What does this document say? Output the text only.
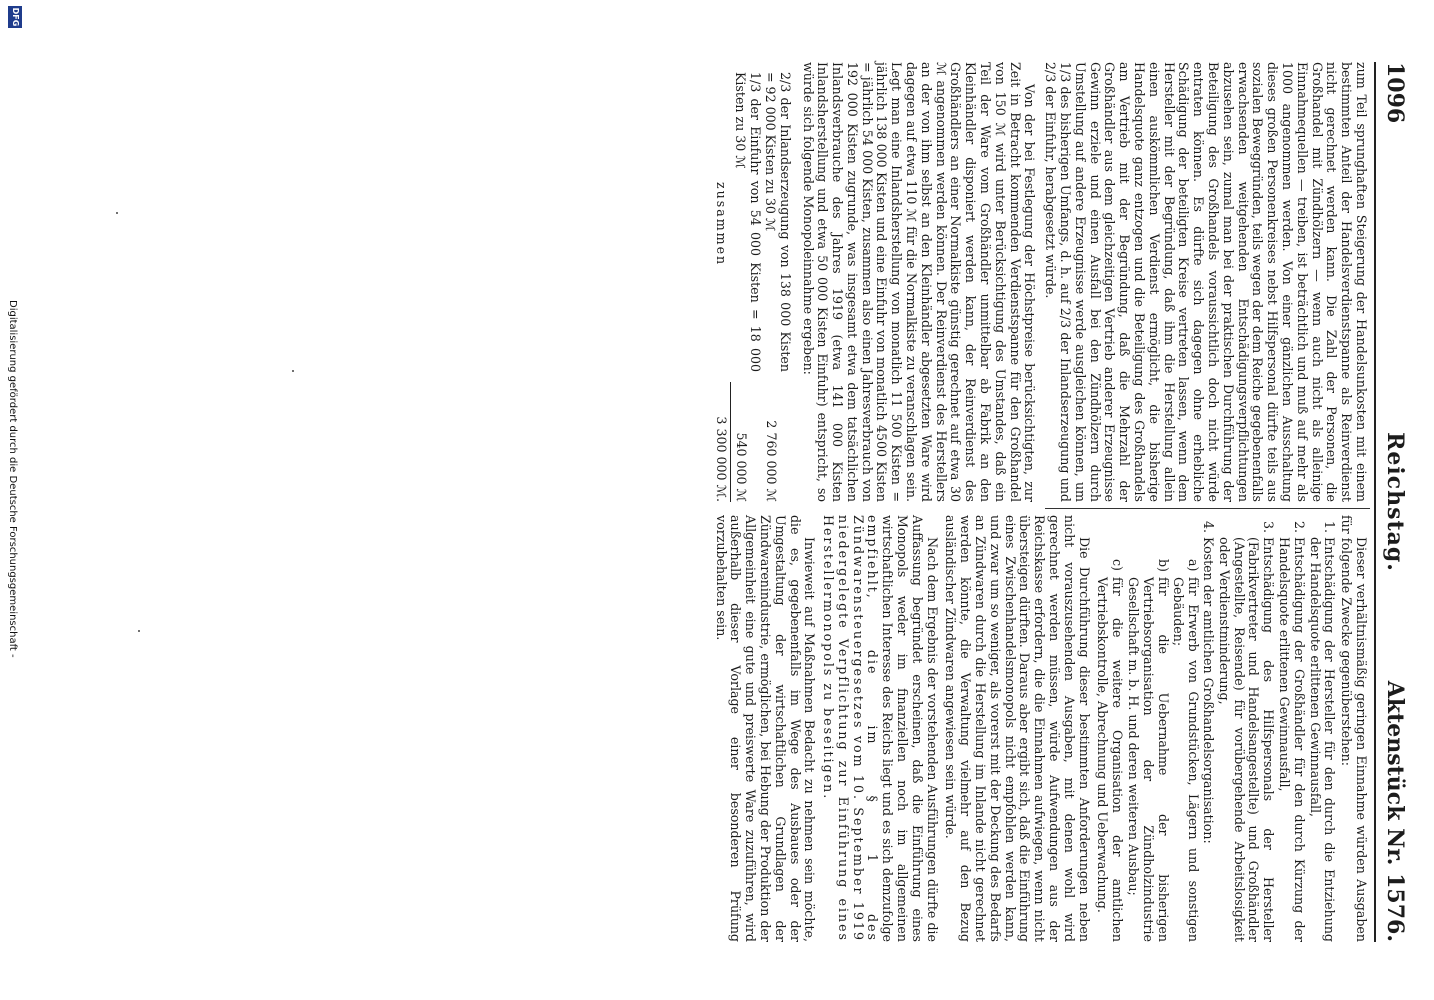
1096
Reichstag.
Aktenstück Nr. 1576.

zum Teil sprunghaften Steigerung der Handelsunkosten mit einem bestimmten Anteil der Handelsverdienstspanne als Reinverdienst nicht gerechnet werden kann. Die Zahl der Personen, die Großhandel mit Zündhölzern — wenn auch nicht als alleinige Einnahmequellen — treiben, ist beträchtlich und muß auf mehr als 1000 angenommen werden. Von einer gänzlichen Ausschaltung dieses großen Personenkreises nebst Hilfspersonal dürfte teils aus sozialen Beweggründen, teils wegen der dem Reiche gegebenenfalls erwachsenden weitgehenden Entschädigungsverpflichtungen abzusehen sein, zumal man bei der praktischen Durchführung der Beteiligung des Großhandels voraussichtlich doch nicht würde entraten können. Es dürfte sich dagegen ohne erhebliche Schädigung der beteiligten Kreise vertreten lassen, wenn dem Hersteller mit der Begründung, daß ihm die Herstellung allein einen auskömmlichen Verdienst ermöglicht, die bisherige Handelsquote ganz entzogen und die Beteiligung des Großhandels am Vertrieb mit der Begründung, daß die Mehrzahl der Großhändler aus dem gleichzeitigen Vertrieb anderer Erzeugnisse Gewinn erziele und einen Ausfall bei den Zündhölzern durch Umstellung auf andere Erzeugnisse werde ausgleichen können, um 1/3 des bisherigen Umfangs, d. h. auf 2/3 der Inlandserzeugung und 2/3 der Einfuhr, herabgesetzt würde.

Von der bei Festlegung der Höchstpreise berücksichtigten, zur Zeit in Betracht kommenden Verdienstspanne für den Großhandel von 150 ℳ wird unter Berücksichtigung des Umstandes, daß ein Teil der Ware vom Großhändler unmittelbar ab Fabrik an den Kleinhändler disponiert werden kann, der Reinverdienst des Großhändlers an einer Normalkiste günstig gerechnet auf etwa 30 ℳ angenommen werden können. Der Reinverdienst des Herstellers an der von ihm selbst an den Kleinhändler abgesetzten Ware wird dagegen auf etwa 110 ℳ für die Normalkiste zu veranschlagen sein. Legt man eine Inlandsherstellung von monatlich 11 500 Kisten = jährlich 138 000 Kisten und eine Einfuhr von monatlich 4500 Kisten = jährlich 54 000 Kisten, zusammen also einen Jahresverbrauch von 192 000 Kisten zugrunde, was insgesamt etwa dem tatsächlichen Inlandsverbrauche des Jahres 1919 (etwa 141 000 Kisten Inlandsherstellung und etwa 50 000 Kisten Einfuhr) entspricht, so würde sich folgende Monopoleinnahme ergeben:

2/3 der Inlandserzeugung von 138 000 Kisten = 92 000 Kisten zu 30 ℳ
2 760 000 ℳ
1/3 der Einfuhr von 54 000 Kisten = 18 000 Kisten zu 30 ℳ
540 000 ℳ
zusammen
3 300 000 ℳ.

Dieser verhältnismäßig geringen Einnahme würden Ausgaben für folgende Zwecke gegenüberstehen:

1.
Entschädigung der Hersteller für den durch die Entziehung der Handelsquote erlittenen Gewinnausfall,
2.
Entschädigung der Großhändler für den durch Kürzung der Handelsquote erlittenen Gewinnausfall,
3.
Entschädigung des Hilfspersonals der Hersteller (Fabrikvertreter und Handelsangestellte) und Großhändler (Angestellte, Reisende) für vorübergehende Arbeitslosigkeit oder Verdienstminderung,
4.
Kosten der amtlichen Großhandelsorganisation:
a)
für Erwerb von Grundstücken, Lägern und sonstigen Gebäuden;
b)
für die Uebernahme der bisherigen Vertriebsorganisation der Zündholzindustrie Gesellschaft m. b. H. und deren weiteren Ausbau;
c)
für die weitere Organisation der amtlichen Vertriebskontrolle, Abrechnung und Ueberwachung.

Die Durchführung dieser bestimmten Anforderungen neben nicht vorauszusehenden Ausgaben, mit denen wohl wird gerechnet werden müssen, würde Aufwendungen aus der Reichskasse erfordern, die die Einnahmen aufwiegen, wenn nicht übersteigen dürften. Daraus aber ergibt sich, daß die Einführung eines Zwischenhandelsmonopols nicht empfohlen werden kann, und zwar um so weniger, als vorerst mit der Deckung des Bedarfs an Zündwaren durch die Herstellung im Inlande nicht gerechnet werden könnte, die Verwaltung vielmehr auf den Bezug ausländischer Zündwaren angewiesen sein würde.

Nach dem Ergebnis der vorstehenden Ausführungen dürfte die Auffassung begründet erscheinen, daß die Einführung eines Monopols weder im finanziellen noch im allgemeinen wirtschaftlichen Interesse des Reichs liegt und es sich demzufolge empfiehlt, die im § 1 des Zündwarensteuergesetzes vom 10. September 1919 niedergelegte Verpflichtung zur Einführung eines Herstellermonopols zu beseitigen.

Inwieweit auf Maßnahmen Bedacht zu nehmen sein möchte, die es, gegebenenfalls im Wege des Ausbaues oder der Umgestaltung der wirtschaftlichen Grundlagen der Zündwarenindustrie, ermöglichen, bei Hebung der Produktion der Allgemeinheit eine gute und preiswerte Ware zuzuführen, wird außerhalb dieser Vorlage einer besonderen Prüfung vorzubehalten sein.

DFG
Digitalisierung gefördert durch die Deutsche Forschungsgemeinschaft -
